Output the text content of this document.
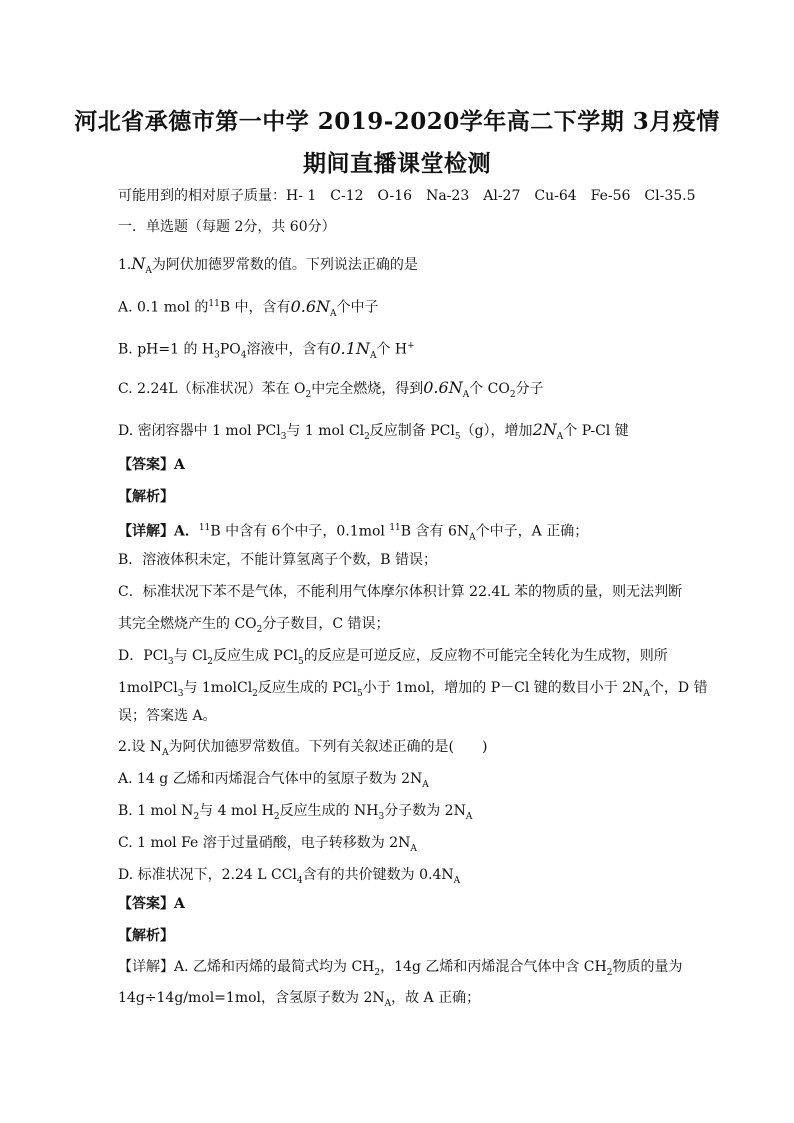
河北省承德市第一中学 2019-2020学年高二下学期 3月疫情
期间直播课堂检测
可能用到的相对原子质量：H- 1　C-12　O-16　Na-23　Al-27　Cu-64　Fe-56　Cl-35.5
一．单选题（每题 2分，共 60分）
$1.N_A$为阿伏加德罗常数的值。下列说法正确的是
A. 0.1 mol 的$^{11}$B 中，含有$0.6N_A$个中子
B. pH=1 的 $H_3PO_4$溶液中，含有$0.1N_A$个 H+
C. 2.24L（标准状况）苯在 $O_2$中完全燃烧，得到$0.6N_A$个 $CO_2$分子
D. 密闭容器中 1 mol PCl$_3$与 1 mol $Cl_2$反应制备 PCl$_5$（g），增加$2N_A$个 P-Cl 键
【答案】A
【解析】
【详解】A．$^{11}$B 中含有 6个中子，0.1mol $^{11}$B 含有 $6N_A$个中子，A 正确；
B．溶液体积未定，不能计算氢离子个数，B 错误；
C．标准状况下苯不是气体，不能利用气体摩尔体积计算 22.4L 苯的物质的量，则无法判断
其完全燃烧产生的 $CO_2$分子数目，C 错误；
D．PCl$_3$与 $Cl_2$反应生成 PCl$_5$的反应是可逆反应，反应物不可能完全转化为生成物，则所
1molPCl$_3$与 1molCl$_2$反应生成的 PCl$_5$小于 1mol，增加的 P－Cl 键的数目小于 $2N_A$个，D 错
误；答案选 A。
2.设 $N_A$为阿伏加德罗常数值。下列有关叙述正确的是(　　)
A. 14 g 乙烯和丙烯混合气体中的氢原子数为 $2N_A$
B. 1 mol $N_2$与 4 mol $H_2$反应生成的 $NH_3$分子数为 $2N_A$
C. 1 mol Fe 溶于过量硝酸，电子转移数为 $2N_A$
D. 标准状况下，2.24 L CCl$_4$含有的共价键数为 $0.4N_A$
【答案】A
【解析】
【详解】A. 乙烯和丙烯的最简式均为 $CH_2$，14g 乙烯和丙烯混合气体中含 $CH_2$物质的量为
14g÷14g/mol=1mol，含氢原子数为 $2N_A$，故 A 正确；
